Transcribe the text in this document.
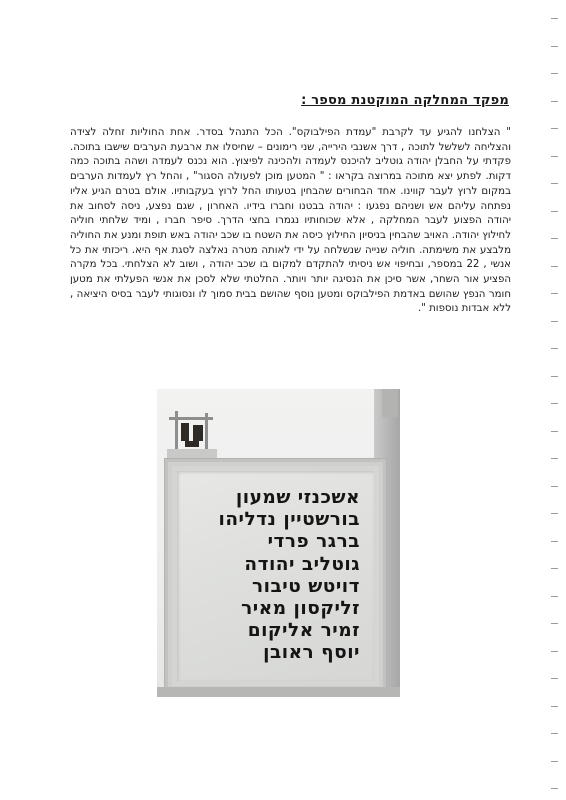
מפקד המחלקה המוקטנת מספר :

" הצלחנו להגיע עד לקרבת "עמדת הפילבוקס". הכל התנהל בסדר. אחת החוליות זחלה לצידה והצליחה לשלשל לתוכה , דרך אשנבי הירייה, שני רימונים – שחיסלו את ארבעת הערבים שישבו בתוכה. פקדתי על החבלן יהודה גוטליב להיכנס לעמדה ולהכינה לפיצוץ. הוא נכנס לעמדה ושהה בתוכה כמה דקות. לפתע יצא מתוכה במרוצה בקראו : " המטען מוכן לפעולה הסגור" , והחל רץ לעמדות הערבים במקום לרוץ לעבר קווינו. אחד הבחורים שהבחין בטעותו החל לרוץ בעקבותיו. אולם בטרם הגיע אליו נפתחה עליהם אש ושניהם נפגעו : יהודה בבטנו וחברו בידיו. האחרון , שגם נפצע, ניסה לסחוב את יהודה הפצוע לעבר המחלקה , אלא שכוחותיו נגמרו בחצי הדרך. סיפר חברו , ומיד שלחתי חוליה לחילוץ יהודה. האויב שהבחין בניסיון החילוץ כיסה את השטח בו שכב יהודה באש תופת ומנע את החוליה מלבצע את משימתה. חוליה שנייה שנשלחה על ידי לאותה מטרה נאלצה לסגת אף היא. ריכזתי את כל אנשי , 22 במספר, ובחיפוי אש ניסיתי להתקדם למקום בו שכב יהודה , ושוב לא הצלחתי. בכל מקרה הפציע אור השחר, אשר סיכן את הנסיגה יותר ויותר. החלטתי שלא לסכן את אנשי הפעלתי את מטען חומר הנפץ שהושם באדמת הפילבוקס ומטען נוסף שהושם בבית סמוך לו ונסוגותי לעבר בסיס היציאה , ללא אבדות נוספות ".

אשכנזי שמעון
בורשטיין נדליהו
ברגר פרדי
גוטליב יהודה
דויטש טיבור
זליקסון מאיר
זמיר אליקום
יוסף ראובן
